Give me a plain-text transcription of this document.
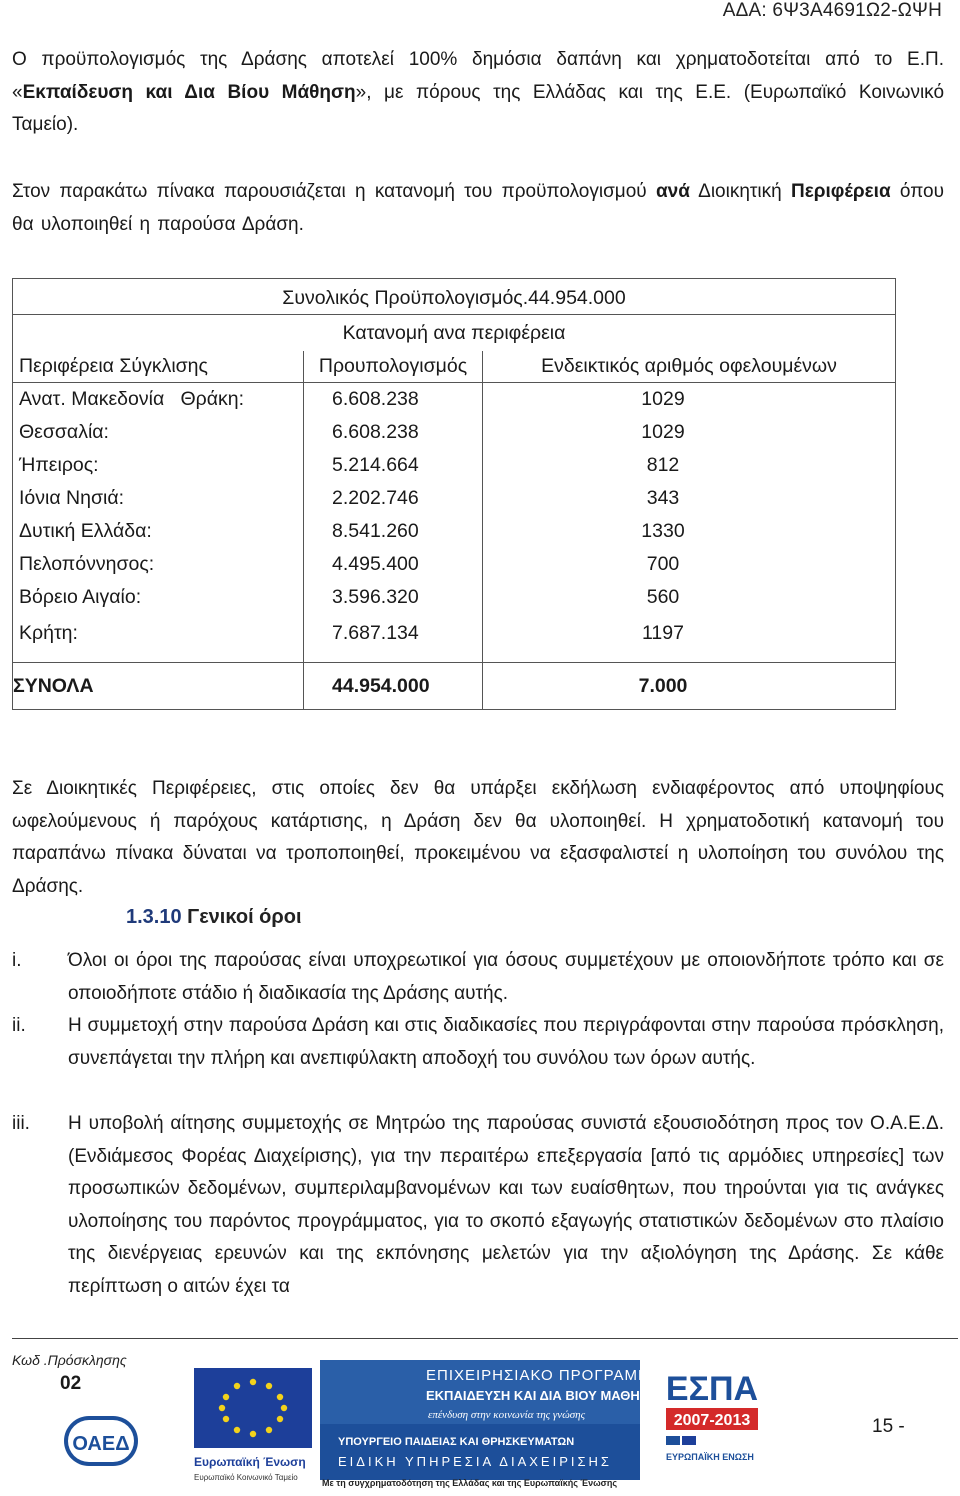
ΑΔΑ: 6Ψ3Α4691Ω2-ΩΨΗ
Ο προϋπολογισμός της Δράσης αποτελεί 100% δημόσια δαπάνη και χρηματοδοτείται από το Ε.Π. «Εκπαίδευση και Δια Βίου Μάθηση», με πόρους της Ελλάδας και της Ε.Ε. (Ευρωπαϊκό Κοινωνικό Ταμείο).
Στον παρακάτω πίνακα παρουσιάζεται η κατανομή του προϋπολογισμού ανά Διοικητική Περιφέρεια όπου θα υλοποιηθεί η παρούσα Δράση.
Συνολικός Προϋπολογισμός.44.954.000		
Κατανομή ανα περιφέρεια		
Περιφέρεια Σύγκλισης	Προυπολογισμός	Ενδεικτικός αριθμός οφελουμένων
Ανατ. Μακεδονία   Θράκη:	6.608.238	1029
Θεσσαλία:	6.608.238	1029
Ήπειρος:	5.214.664	812
Ιόνια Νησιά:	2.202.746	343
Δυτική Ελλάδα:	8.541.260	1330
Πελοπόννησος:	4.495.400	700
Βόρειο Αιγαίο:	3.596.320	560
Κρήτη:	7.687.134	1197
ΣΥΝΟΛΑ	44.954.000	7.000
Σε Διοικητικές Περιφέρειες, στις οποίες δεν θα υπάρξει εκδήλωση ενδιαφέροντος από υποψηφίους ωφελούμενους ή παρόχους κατάρτισης, η Δράση δεν θα υλοποιηθεί. Η χρηματοδοτική κατανομή του παραπάνω πίνακα δύναται να τροποποιηθεί, προκειμένου να εξασφαλιστεί η υλοποίηση του συνόλου της Δράσης.
1.3.10 Γενικοί όροι
i. Όλοι οι όροι της παρούσας είναι υποχρεωτικοί για όσους συμμετέχουν με οποιονδήποτε τρόπο και σε οποιοδήποτε στάδιο ή διαδικασία της Δράσης αυτής.
ii. Η συμμετοχή στην παρούσα Δράση και στις διαδικασίες που περιγράφονται στην παρούσα πρόσκληση, συνεπάγεται την πλήρη και ανεπιφύλακτη αποδοχή του συνόλου των όρων αυτής.
iii. Η υποβολή αίτησης συμμετοχής σε Μητρώο της παρούσας συνιστά εξουσιοδότηση προς τον Ο.Α.Ε.Δ. (Ενδιάμεσος Φορέας Διαχείρισης), για την περαιτέρω επεξεργασία [από τις αρμόδιες υπηρεσίες] των προσωπικών δεδομένων, συμπεριλαμβανομένων και των ευαίσθητων, που τηρούνται για τις ανάγκες υλοποίησης του παρόντος προγράμματος, για το σκοπό εξαγωγής στατιστικών δεδομένων στο πλαίσιο της διενέργειας ερευνών και της εκπόνησης μελετών για την αξιολόγηση της Δράσης. Σε κάθε περίπτωση ο αιτών έχει τα
Κωδ .Πρόσκλησης
02
ΟΑΕΔ
Ευρωπαϊκή Ένωση
Ευρωπαϊκό Κοινωνικό Ταμείο
ΕΠΙΧΕΙΡΗΣΙΑΚΟ ΠΡΟΓΡΑΜΜΑ
ΕΚΠΑΙΔΕΥΣΗ ΚΑΙ ΔΙΑ ΒΙΟΥ ΜΑΘΗΣΗ
επένδυση στην κοινωνία της γνώσης
ΥΠΟΥΡΓΕΙΟ ΠΑΙΔΕΙΑΣ ΚΑΙ ΘΡΗΣΚΕΥΜΑΤΩΝ
ΕΙΔΙΚΗ ΥΠΗΡΕΣΙΑ ΔΙΑΧΕΙΡΙΣΗΣ
Με τη συγχρηματοδότηση της Ελλάδας και της Ευρωπαϊκής Ένωσης
ΕΣΠΑ
2007-2013
ΕΥΡΩΠΑΪΚΗ ΕΝΩΣΗ
15 -
